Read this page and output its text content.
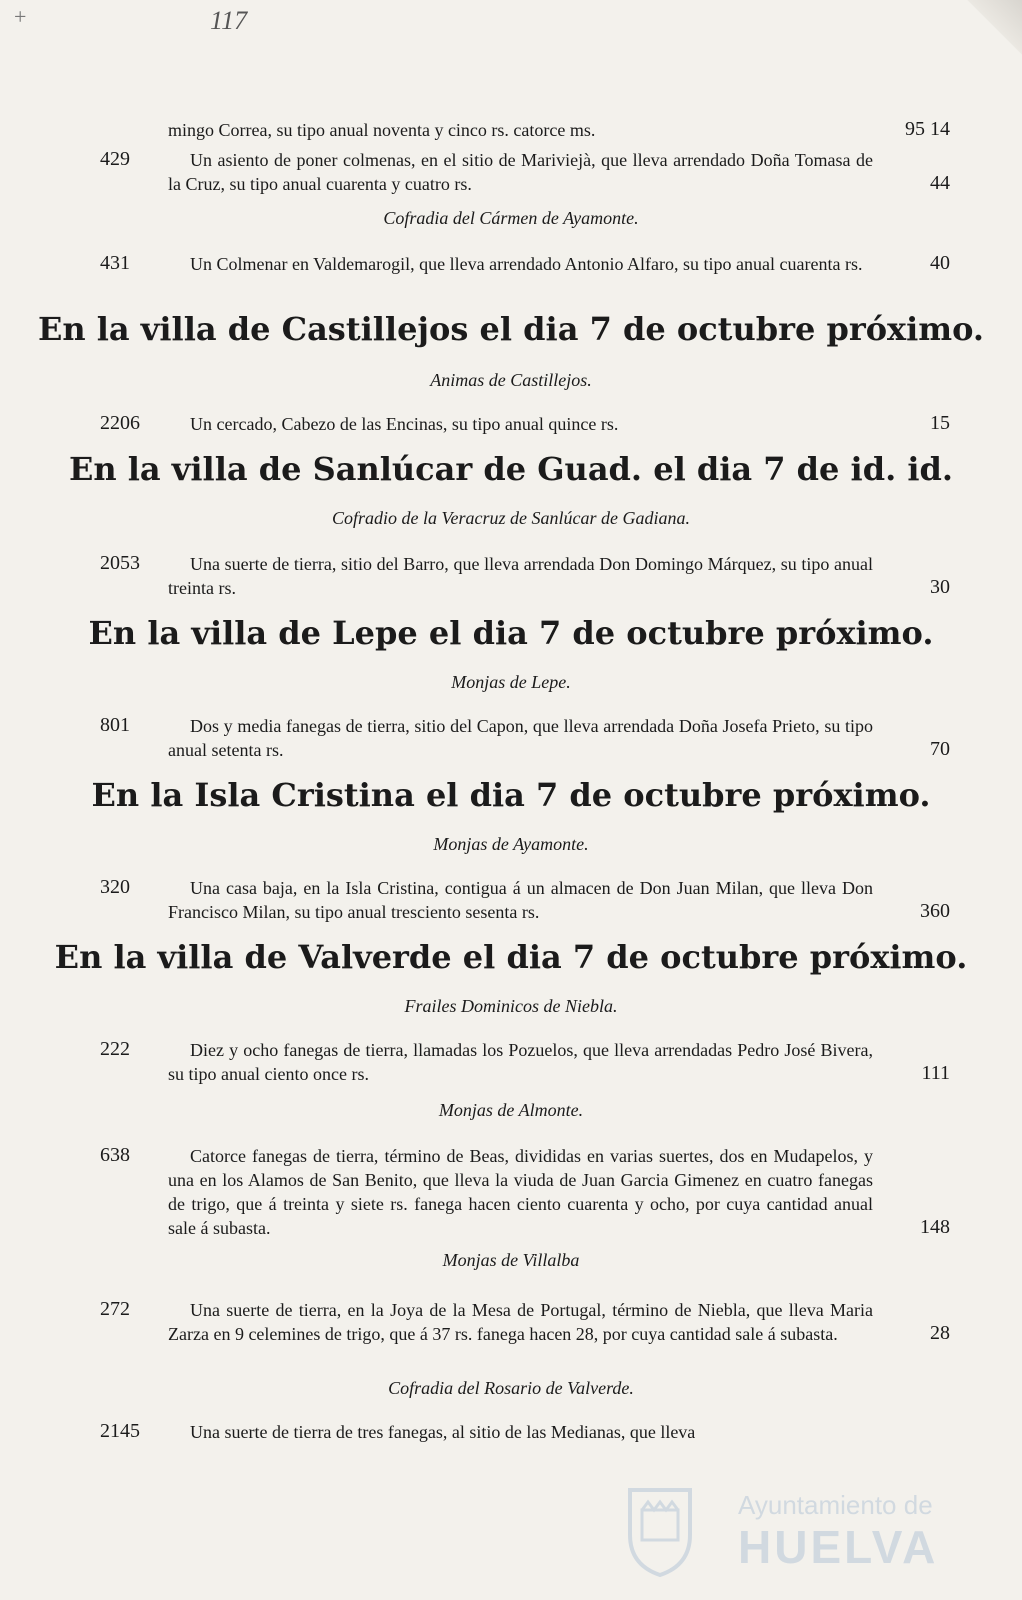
+	117
mingo Correa, su tipo anual noventa y cinco rs. catorce ms.	95 14
429	Un asiento de poner colmenas, en el sitio de Mariviejà, que lleva arrendado Doña Tomasa de la Cruz, su tipo anual cuarenta y cuatro rs.	44
Cofradia del Cármen de Ayamonte.
431	Un Colmenar en Valdemarogil, que lleva arrendado Antonio Alfaro, su tipo anual cuarenta rs.	40
En la villa de Castillejos el dia 7 de octubre próximo.
Animas de Castillejos.
2206	Un cercado, Cabezo de las Encinas, su tipo anual quince rs.	15
En la villa de Sanlúcar de Guad. el dia 7 de id. id.
Cofradio de la Veracruz de Sanlúcar de Gadiana.
2053	Una suerte de tierra, sitio del Barro, que lleva arrendada Don Domingo Márquez, su tipo anual treinta rs.	30
En la villa de Lepe el dia 7 de octubre próximo.
Monjas de Lepe.
801	Dos y media fanegas de tierra, sitio del Capon, que lleva arrendada Doña Josefa Prieto, su tipo anual setenta rs.	70
En la Isla Cristina el dia 7 de octubre próximo.
Monjas de Ayamonte.
320	Una casa baja, en la Isla Cristina, contigua á un almacen de Don Juan Milan, que lleva Don Francisco Milan, su tipo anual tresciento sesenta rs.	360
En la villa de Valverde el dia 7 de octubre próximo.
Frailes Dominicos de Niebla.
222	Diez y ocho fanegas de tierra, llamadas los Pozuelos, que lleva arrendadas Pedro José Bivera, su tipo anual ciento once rs.	111
Monjas de Almonte.
638	Catorce fanegas de tierra, término de Beas, divididas en varias suertes, dos en Mudapelos, y una en los Alamos de San Benito, que lleva la viuda de Juan Garcia Gimenez en cuatro fanegas de trigo, que á treinta y siete rs. fanega hacen ciento cuarenta y ocho, por cuya cantidad anual sale á subasta.	148
Monjas de Villalba
272	Una suerte de tierra, en la Joya de la Mesa de Portugal, término de Niebla, que lleva Maria Zarza en 9 celemines de trigo, que á 37 rs. fanega hacen 28, por cuya cantidad sale á subasta.	28
Cofradia del Rosario de Valverde.
2145	Una suerte de tierra de tres fanegas, al sitio de las Medianas, que lleva
Ayuntamiento de
HUELVA
